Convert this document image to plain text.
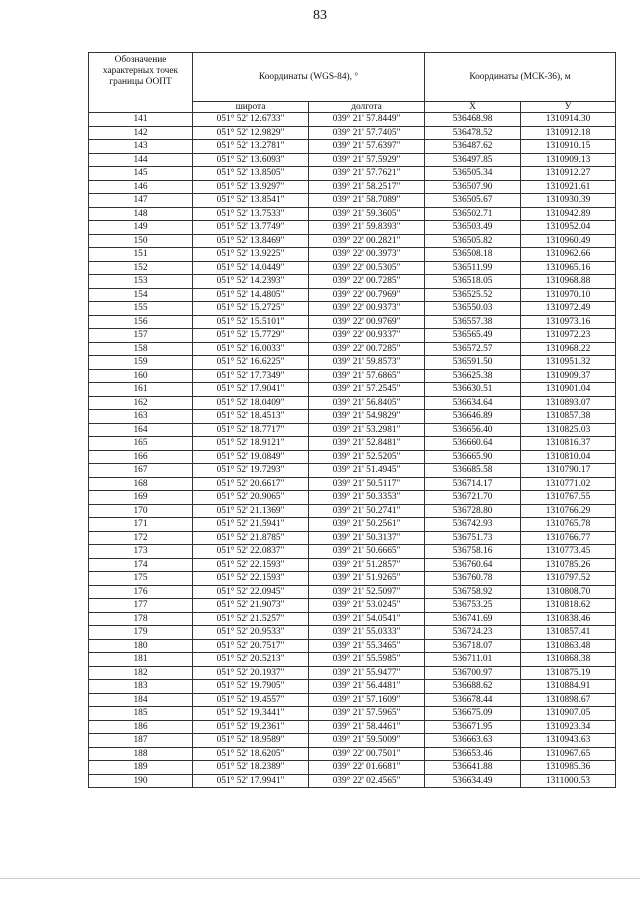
83
Обозначение характерных точек границы ООПТ	Координаты (WGS-84), °		Координаты (МСК-36), м	
	широта	долгота	X	У
141	051° 52' 12.6733"	039° 21' 57.8449"	536468.98	1310914.30
142	051° 52' 12.9829"	039° 21' 57.7405"	536478.52	1310912.18
143	051° 52' 13.2781"	039° 21' 57.6397"	536487.62	1310910.15
144	051° 52' 13.6093"	039° 21' 57.5929"	536497.85	1310909.13
145	051° 52' 13.8505"	039° 21' 57.7621"	536505.34	1310912.27
146	051° 52' 13.9297"	039° 21' 58.2517"	536507.90	1310921.61
147	051° 52' 13.8541"	039° 21' 58.7089"	536505.67	1310930.39
148	051° 52' 13.7533"	039° 21' 59.3605"	536502.71	1310942.89
149	051° 52' 13.7749"	039° 21' 59.8393"	536503.49	1310952.04
150	051° 52' 13.8469"	039° 22' 00.2821"	536505.82	1310960.49
151	051° 52' 13.9225"	039° 22' 00.3973"	536508.18	1310962.66
152	051° 52' 14.0449"	039° 22' 00.5305"	536511.99	1310965.16
153	051° 52' 14.2393"	039° 22' 00.7285"	536518.05	1310968.88
154	051° 52' 14.4805"	039° 22' 00.7969"	536525.52	1310970.10
155	051° 52' 15.2725"	039° 22' 00.9373"	536550.03	1310972.49
156	051° 52' 15.5101"	039° 22' 00.9769"	536557.38	1310973.16
157	051° 52' 15.7729"	039° 22' 00.9337"	536565.49	1310972.23
158	051° 52' 16.0033"	039° 22' 00.7285"	536572.57	1310968.22
159	051° 52' 16.6225"	039° 21' 59.8573"	536591.50	1310951.32
160	051° 52' 17.7349"	039° 21' 57.6865"	536625.38	1310909.37
161	051° 52' 17.9041"	039° 21' 57.2545"	536630.51	1310901.04
162	051° 52' 18.0409"	039° 21' 56.8405"	536634.64	1310893.07
163	051° 52' 18.4513"	039° 21' 54.9829"	536646.89	1310857.38
164	051° 52' 18.7717"	039° 21' 53.2981"	536656.40	1310825.03
165	051° 52' 18.9121"	039° 21' 52.8481"	536660.64	1310816.37
166	051° 52' 19.0849"	039° 21' 52.5205"	536665.90	1310810.04
167	051° 52' 19.7293"	039° 21' 51.4945"	536685.58	1310790.17
168	051° 52' 20.6617"	039° 21' 50.5117"	536714.17	1310771.02
169	051° 52' 20.9065"	039° 21' 50.3353"	536721.70	1310767.55
170	051° 52' 21.1369"	039° 21' 50.2741"	536728.80	1310766.29
171	051° 52' 21.5941"	039° 21' 50.2561"	536742.93	1310765.78
172	051° 52' 21.8785"	039° 21' 50.3137"	536751.73	1310766.77
173	051° 52' 22.0837"	039° 21' 50.6665"	536758.16	1310773.45
174	051° 52' 22.1593"	039° 21' 51.2857"	536760.64	1310785.26
175	051° 52' 22.1593"	039° 21' 51.9265"	536760.78	1310797.52
176	051° 52' 22.0945"	039° 21' 52.5097"	536758.92	1310808.70
177	051° 52' 21.9073"	039° 21' 53.0245"	536753.25	1310818.62
178	051° 52' 21.5257"	039° 21' 54.0541"	536741.69	1310838.46
179	051° 52' 20.9533"	039° 21' 55.0333"	536724.23	1310857.41
180	051° 52' 20.7517"	039° 21' 55.3465"	536718.07	1310863.48
181	051° 52' 20.5213"	039° 21' 55.5985"	536711.01	1310868.38
182	051° 52' 20.1937"	039° 21' 55.9477"	536700.97	1310875.19
183	051° 52' 19.7905"	039° 21' 56.4481"	536688.62	1310884.91
184	051° 52' 19.4557"	039° 21' 57.1609"	536678.44	1310898.67
185	051° 52' 19.3441"	039° 21' 57.5965"	536675.09	1310907.05
186	051° 52' 19.2361"	039° 21' 58.4461"	536671.95	1310923.34
187	051° 52' 18.9589"	039° 21' 59.5009"	536663.63	1310943.63
188	051° 52' 18.6205"	039° 22' 00.7501"	536653.46	1310967.65
189	051° 52' 18.2389"	039° 22' 01.6681"	536641.88	1310985.36
190	051° 52' 17.9941"	039° 22' 02.4565"	536634.49	1311000.53
